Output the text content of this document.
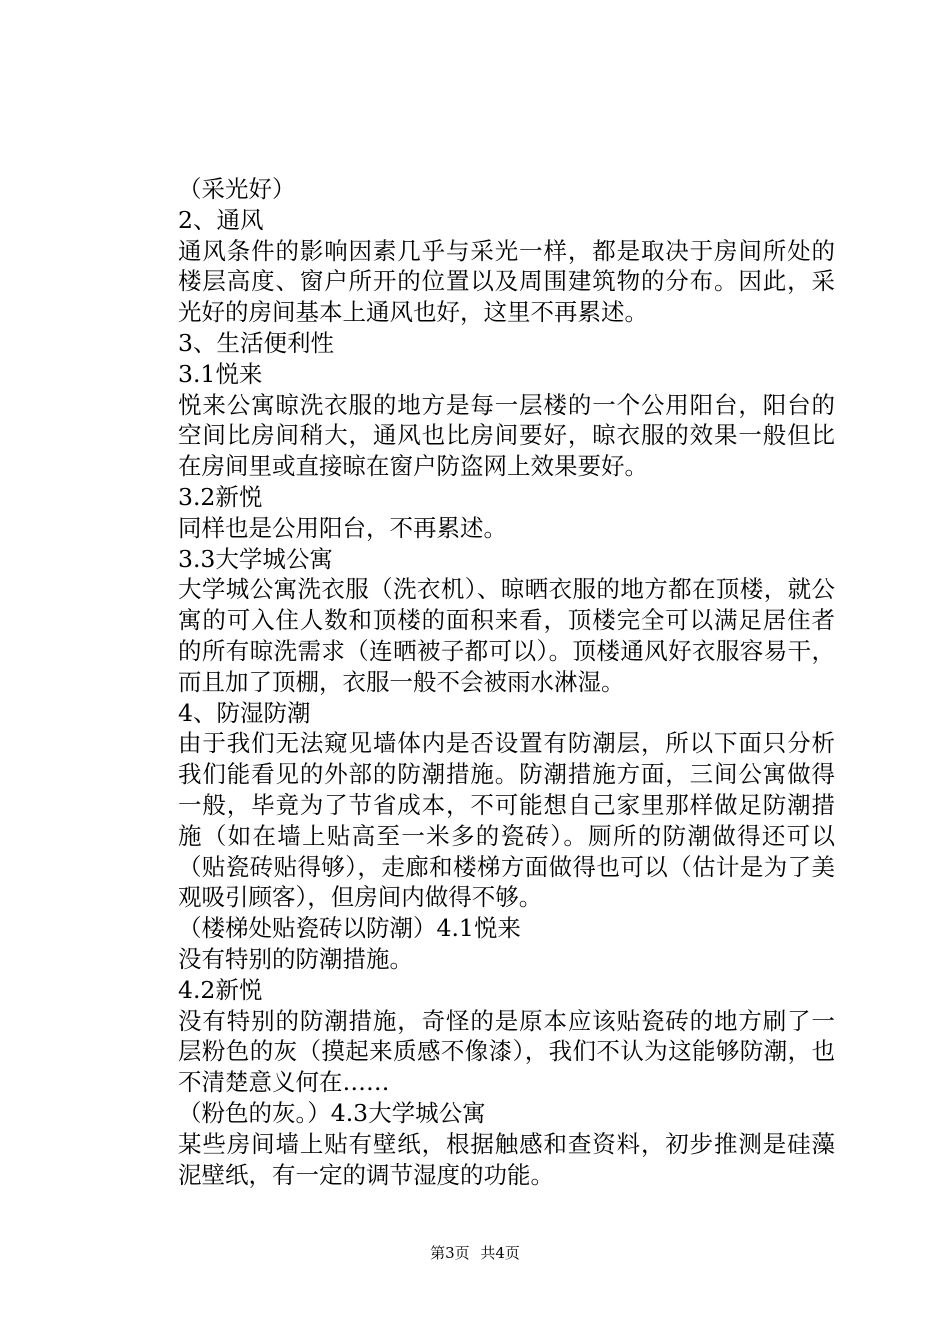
（采光好）

2、通风

通风条件的影响因素几乎与采光一样，都是取决于房间所处的楼层高度、窗户所开的位置以及周围建筑物的分布。因此，采光好的房间基本上通风也好，这里不再累述。

3、生活便利性

3.1悦来

悦来公寓晾洗衣服的地方是每一层楼的一个公用阳台，阳台的空间比房间稍大，通风也比房间要好，晾衣服的效果一般但比在房间里或直接晾在窗户防盗网上效果要好。

3.2新悦

同样也是公用阳台，不再累述。

3.3大学城公寓

大学城公寓洗衣服（洗衣机）、晾晒衣服的地方都在顶楼，就公寓的可入住人数和顶楼的面积来看，顶楼完全可以满足居住者的所有晾洗需求（连晒被子都可以）。顶楼通风好衣服容易干，而且加了顶棚，衣服一般不会被雨水淋湿。

4、防湿防潮

由于我们无法窥见墙体内是否设置有防潮层，所以下面只分析我们能看见的外部的防潮措施。防潮措施方面，三间公寓做得一般，毕竟为了节省成本，不可能想自己家里那样做足防潮措施（如在墙上贴高至一米多的瓷砖）。厕所的防潮做得还可以（贴瓷砖贴得够），走廊和楼梯方面做得也可以（估计是为了美观吸引顾客），但房间内做得不够。

（楼梯处贴瓷砖以防潮）4.1悦来

没有特别的防潮措施。

4.2新悦

没有特别的防潮措施，奇怪的是原本应该贴瓷砖的地方刷了一层粉色的灰（摸起来质感不像漆），我们不认为这能够防潮，也不清楚意义何在……

（粉色的灰。）4.3大学城公寓

某些房间墙上贴有壁纸，根据触感和查资料，初步推测是硅藻泥壁纸，有一定的调节湿度的功能。

第3页 共4页
